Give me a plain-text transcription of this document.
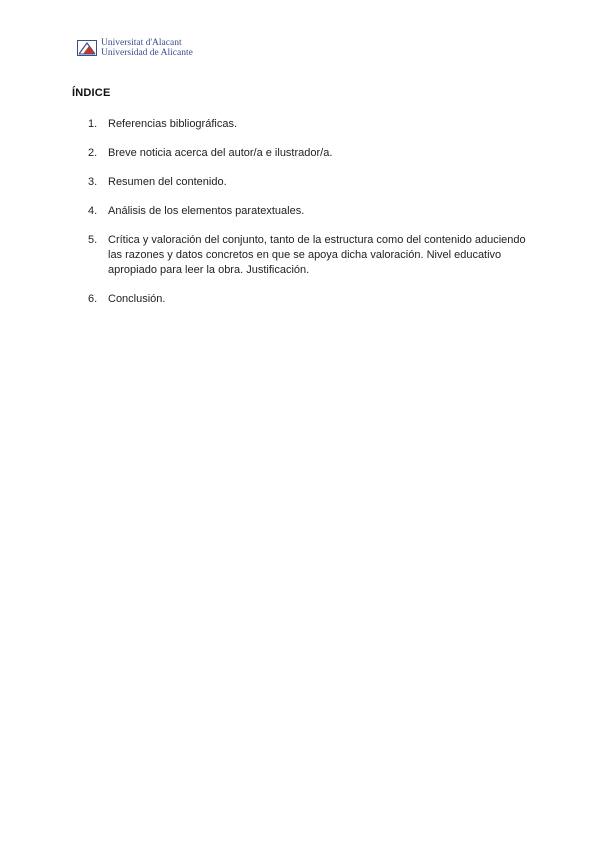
Universitat d'Alacant
Universidad de Alicante
ÍNDICE
1. Referencias bibliográficas.
2. Breve noticia acerca del autor/a e ilustrador/a.
3. Resumen del contenido.
4. Análisis de los elementos paratextuales.
5. Crítica y valoración del conjunto, tanto de la estructura como del contenido aduciendo las razones y datos concretos en que se apoya dicha valoración. Nivel educativo apropiado para leer la obra. Justificación.
6. Conclusión.
